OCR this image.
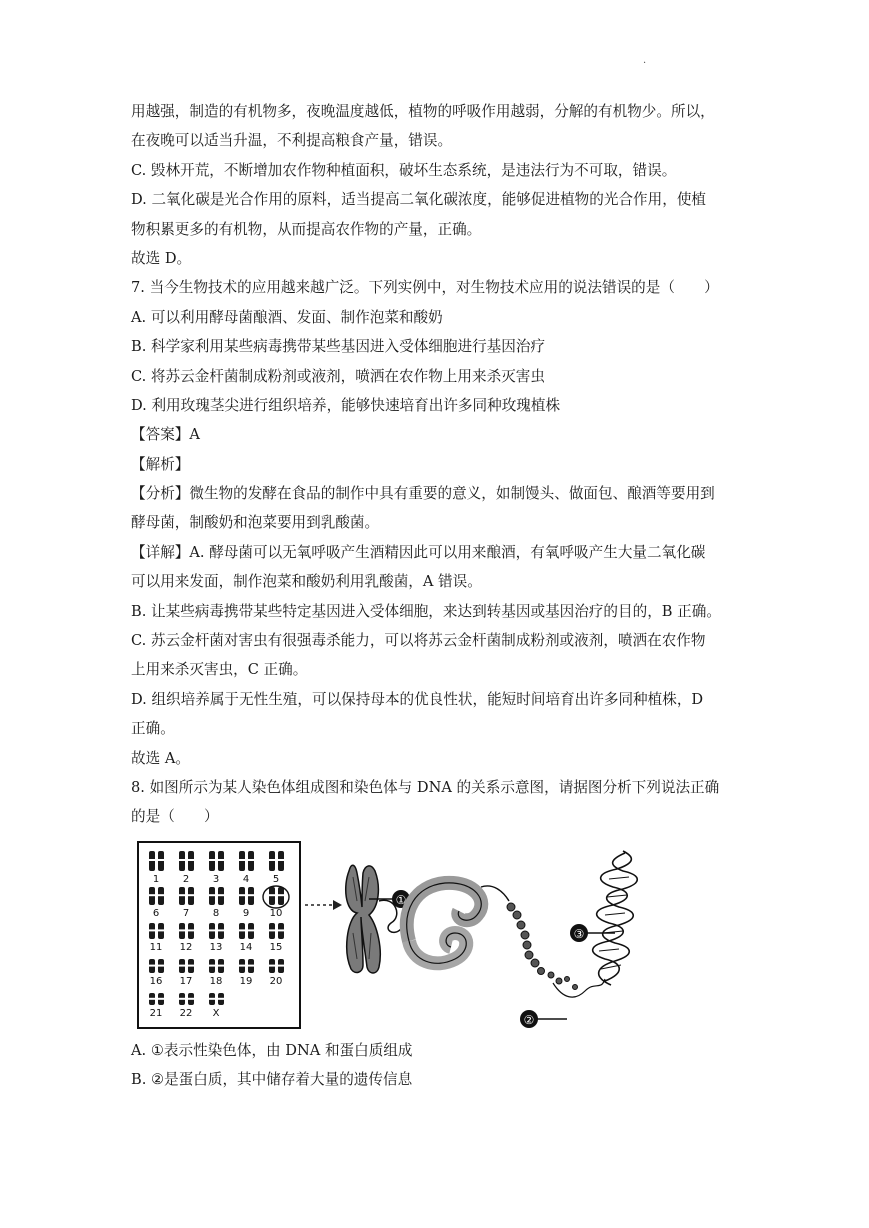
·
用越强，制造的有机物多，夜晚温度越低，植物的呼吸作用越弱，分解的有机物少。所以，
在夜晚可以适当升温，不利提高粮食产量，错误。
C. 毁林开荒，不断增加农作物种植面积，破坏生态系统，是违法行为不可取，错误。
D. 二氧化碳是光合作用的原料，适当提高二氧化碳浓度，能够促进植物的光合作用，使植
物积累更多的有机物，从而提高农作物的产量，正确。
故选 D。
7. 当今生物技术的应用越来越广泛。下列实例中，对生物技术应用的说法错误的是（　　）
A. 可以利用酵母菌酿酒、发面、制作泡菜和酸奶
B. 科学家利用某些病毒携带某些基因进入受体细胞进行基因治疗
C. 将苏云金杆菌制成粉剂或液剂，喷洒在农作物上用来杀灭害虫
D. 利用玫瑰茎尖进行组织培养，能够快速培育出许多同种玫瑰植株
【答案】A
【解析】
【分析】微生物的发酵在食品的制作中具有重要的意义，如制馒头、做面包、酿酒等要用到
酵母菌，制酸奶和泡菜要用到乳酸菌。
【详解】A. 酵母菌可以无氧呼吸产生酒精因此可以用来酿酒，有氧呼吸产生大量二氧化碳
可以用来发面，制作泡菜和酸奶利用乳酸菌，A 错误。
B. 让某些病毒携带某些特定基因进入受体细胞，来达到转基因或基因治疗的目的，B 正确。
C. 苏云金杆菌对害虫有很强毒杀能力，可以将苏云金杆菌制成粉剂或液剂，喷洒在农作物
上用来杀灭害虫，C 正确。
D. 组织培养属于无性生殖，可以保持母本的优良性状，能短时间培育出许多同种植株，D
正确。
故选 A。
8. 如图所示为某人染色体组成图和染色体与 DNA 的关系示意图，请据图分析下列说法正确
的是（　　）
1 2 3 4 5
6 7 8 9 10
11 12 13 14 15
16 17 18 19 20
21 22 X
①
②
③
A. ①表示性染色体，由 DNA 和蛋白质组成
B. ②是蛋白质，其中储存着大量的遗传信息
